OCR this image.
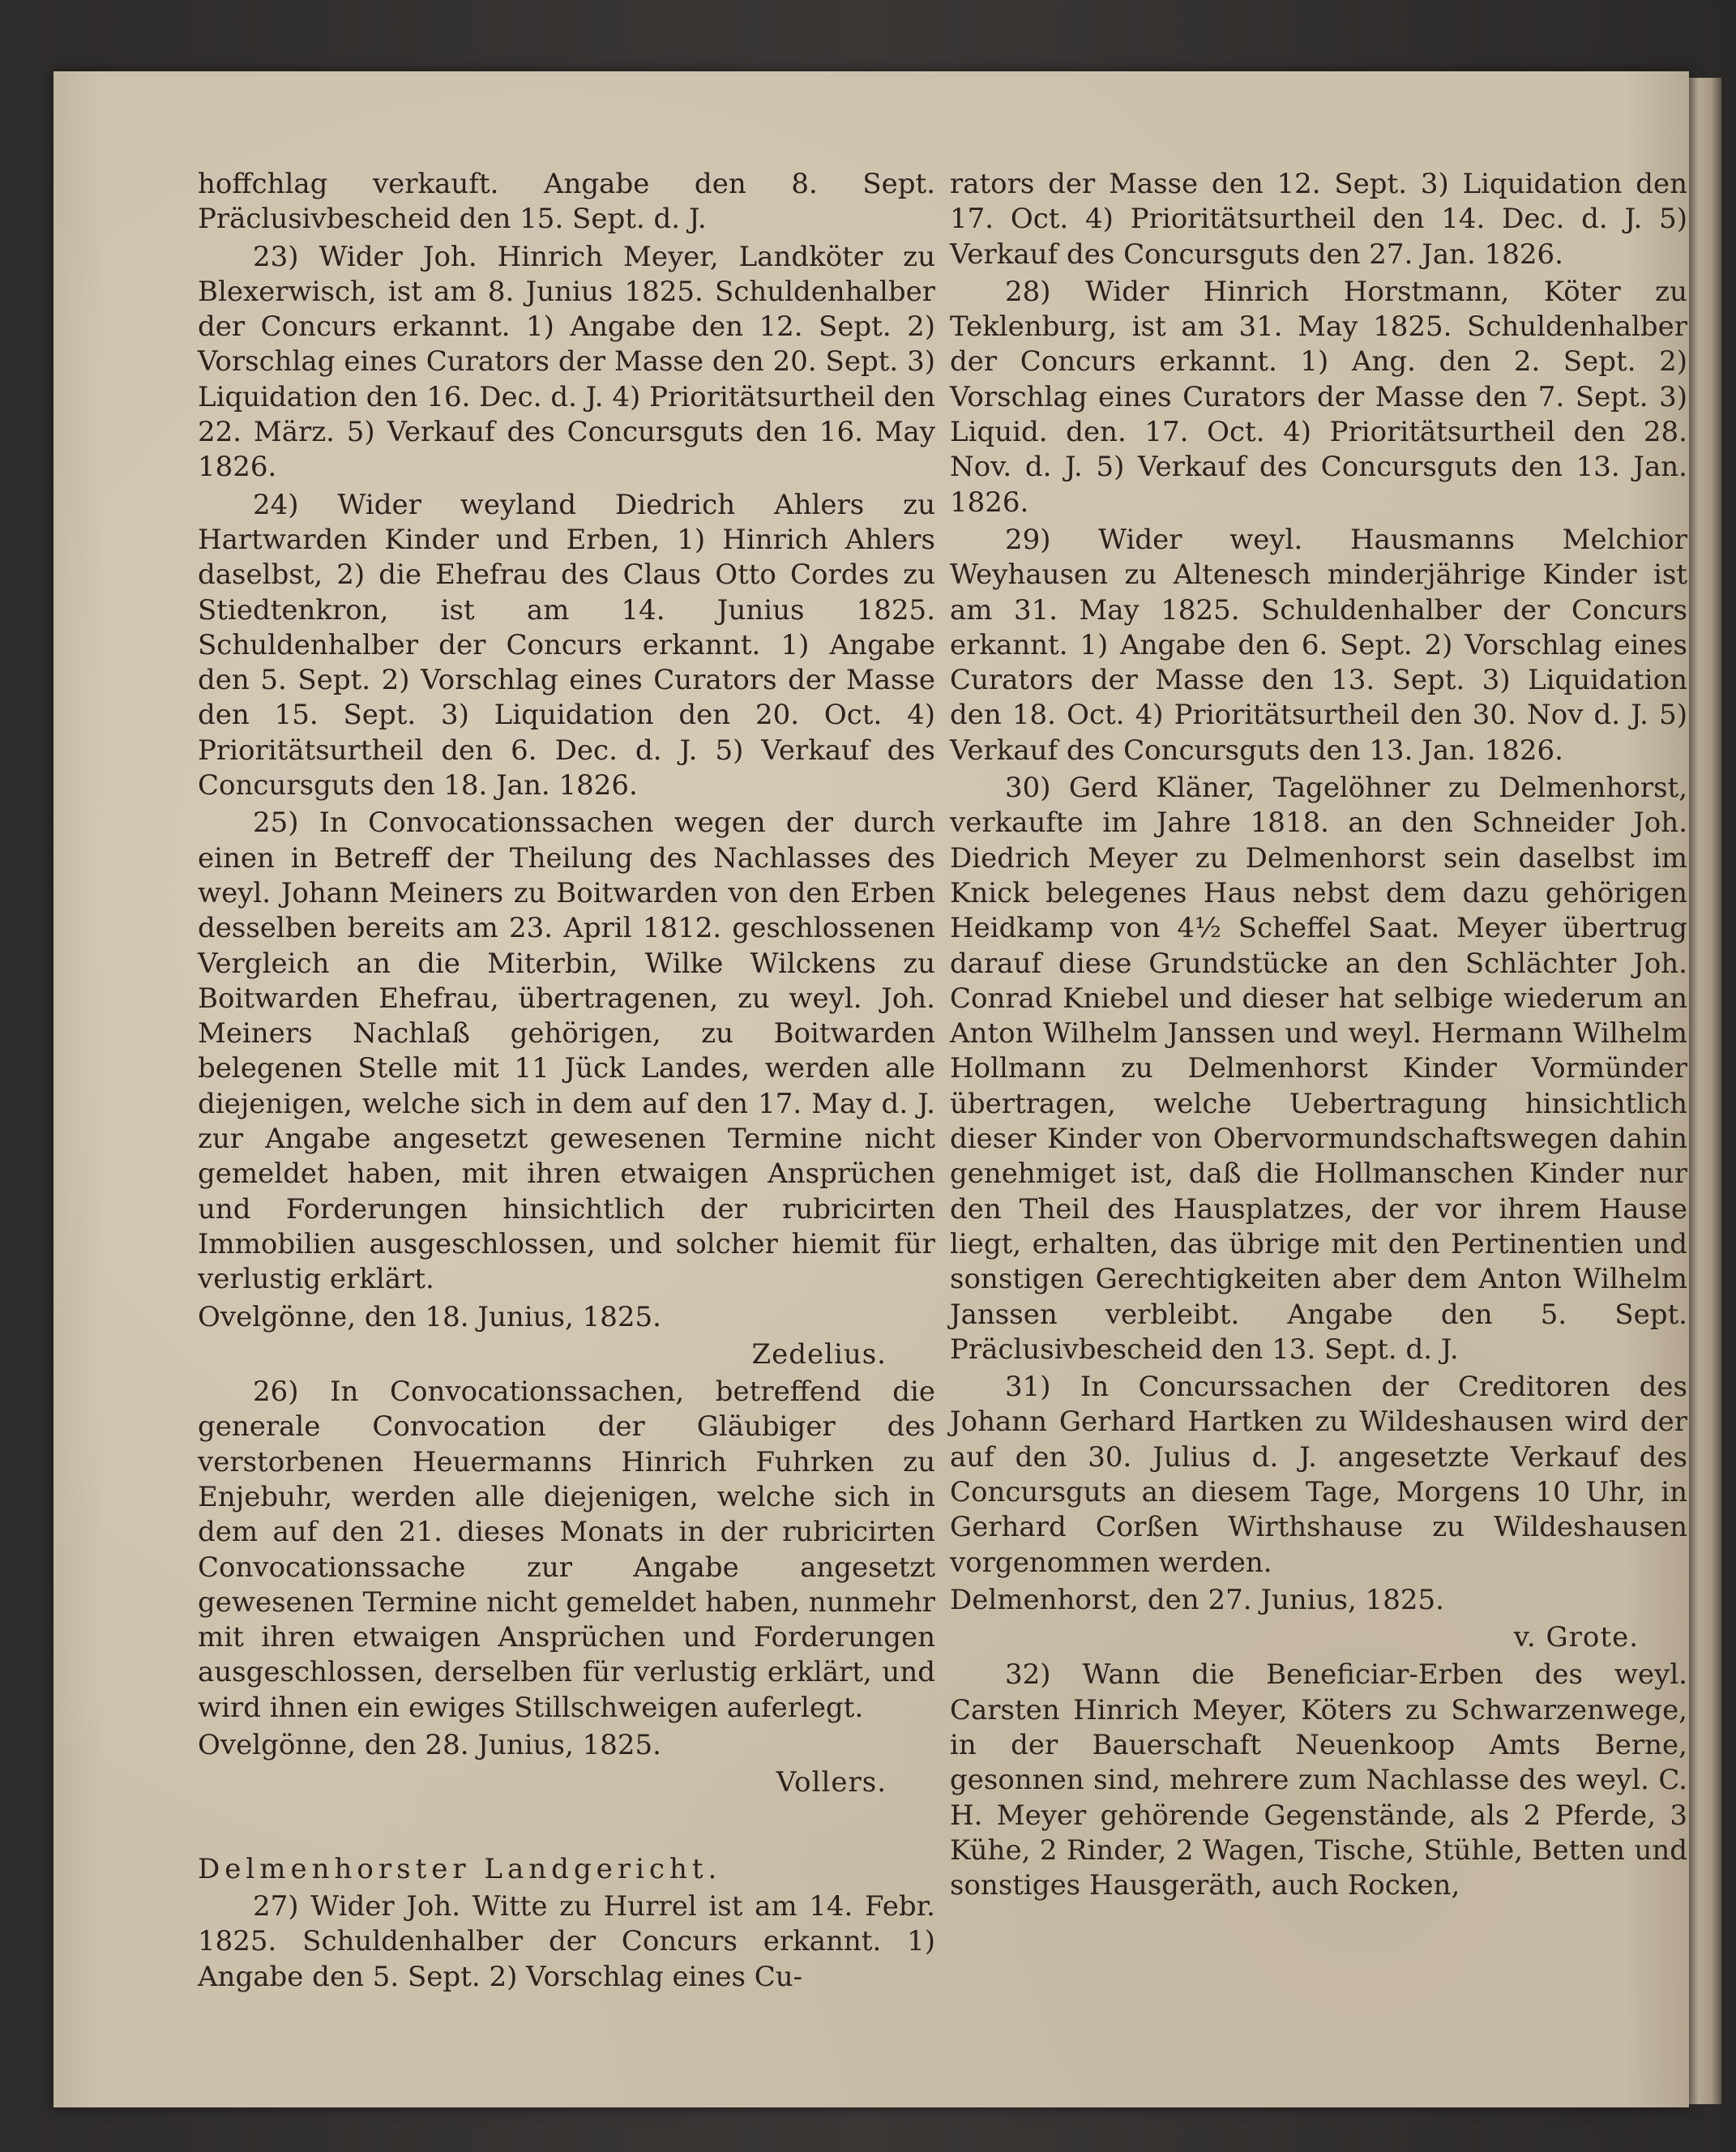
hoffchlag verkauft. Angabe den 8. Sept. Präclusivbescheid den 15. Sept. d. J.

23) Wider Joh. Hinrich Meyer, Landköter zu Blexerwisch, ist am 8. Junius 1825. Schuldenhalber der Concurs erkannt. 1) Angabe den 12. Sept. 2) Vorschlag eines Curators der Masse den 20. Sept. 3) Liquidation den 16. Dec. d. J. 4) Prioritätsurtheil den 22. März. 5) Verkauf des Concursguts den 16. May 1826.

24) Wider weyland Diedrich Ahlers zu Hartwarden Kinder und Erben, 1) Hinrich Ahlers daselbst, 2) die Ehefrau des Claus Otto Cordes zu Stiedtenkron, ist am 14. Junius 1825. Schuldenhalber der Concurs erkannt. 1) Angabe den 5. Sept. 2) Vorschlag eines Curators der Masse den 15. Sept. 3) Liquidation den 20. Oct. 4) Prioritätsurtheil den 6. Dec. d. J. 5) Verkauf des Concursguts den 18. Jan. 1826.

25) In Convocationssachen wegen der durch einen in Betreff der Theilung des Nachlasses des weyl. Johann Meiners zu Boitwarden von den Erben desselben bereits am 23. April 1812. geschlossenen Vergleich an die Miterbin, Wilke Wilckens zu Boitwarden Ehefrau, übertragenen, zu weyl. Joh. Meiners Nachlaß gehörigen, zu Boitwarden belegenen Stelle mit 11 Jück Landes, werden alle diejenigen, welche sich in dem auf den 17. May d. J. zur Angabe angesetzt gewesenen Termine nicht gemeldet haben, mit ihren etwaigen Ansprüchen und Forderungen hinsichtlich der rubricirten Immobilien ausgeschlossen, und solcher hiemit für verlustig erklärt.

Ovelgönne, den 18. Junius, 1825.

Zedelius.

26) In Convocationssachen, betreffend die generale Convocation der Gläubiger des verstorbenen Heuermanns Hinrich Fuhrken zu Enjebuhr, werden alle diejenigen, welche sich in dem auf den 21. dieses Monats in der rubricirten Convocationssache zur Angabe angesetzt gewesenen Termine nicht gemeldet haben, nunmehr mit ihren etwaigen Ansprüchen und Forderungen ausgeschlossen, derselben für verlustig erklärt, und wird ihnen ein ewiges Stillschweigen auferlegt.

Ovelgönne, den 28. Junius, 1825.

Vollers.

Delmenhorster Landgericht.

27) Wider Joh. Witte zu Hurrel ist am 14. Febr. 1825. Schuldenhalber der Concurs erkannt. 1) Angabe den 5. Sept. 2) Vorschlag eines Cu-

rators der Masse den 12. Sept. 3) Liquidation den 17. Oct. 4) Prioritätsurtheil den 14. Dec. d. J. 5) Verkauf des Concursguts den 27. Jan. 1826.

28) Wider Hinrich Horstmann, Köter zu Teklenburg, ist am 31. May 1825. Schuldenhalber der Concurs erkannt. 1) Ang. den 2. Sept. 2) Vorschlag eines Curators der Masse den 7. Sept. 3) Liquid. den. 17. Oct. 4) Prioritätsurtheil den 28. Nov. d. J. 5) Verkauf des Concursguts den 13. Jan. 1826.

29) Wider weyl. Hausmanns Melchior Weyhausen zu Altenesch minderjährige Kinder ist am 31. May 1825. Schuldenhalber der Concurs erkannt. 1) Angabe den 6. Sept. 2) Vorschlag eines Curators der Masse den 13. Sept. 3) Liquidation den 18. Oct. 4) Prioritätsurtheil den 30. Nov d. J. 5) Verkauf des Concursguts den 13. Jan. 1826.

30) Gerd Kläner, Tagelöhner zu Delmenhorst, verkaufte im Jahre 1818. an den Schneider Joh. Diedrich Meyer zu Delmenhorst sein daselbst im Knick belegenes Haus nebst dem dazu gehörigen Heidkamp von 4½ Scheffel Saat. Meyer übertrug darauf diese Grundstücke an den Schlächter Joh. Conrad Kniebel und dieser hat selbige wiederum an Anton Wilhelm Janssen und weyl. Hermann Wilhelm Hollmann zu Delmenhorst Kinder Vormünder übertragen, welche Uebertragung hinsichtlich dieser Kinder von Obervormundschaftswegen dahin genehmiget ist, daß die Hollmanschen Kinder nur den Theil des Hausplatzes, der vor ihrem Hause liegt, erhalten, das übrige mit den Pertinentien und sonstigen Gerechtigkeiten aber dem Anton Wilhelm Janssen verbleibt. Angabe den 5. Sept. Präclusivbescheid den 13. Sept. d. J.

31) In Concurssachen der Creditoren des Johann Gerhard Hartken zu Wildeshausen wird der auf den 30. Julius d. J. angesetzte Verkauf des Concursguts an diesem Tage, Morgens 10 Uhr, in Gerhard Corßen Wirthshause zu Wildeshausen vorgenommen werden.

Delmenhorst, den 27. Junius, 1825.

v. Grote.

32) Wann die Beneficiar-Erben des weyl. Carsten Hinrich Meyer, Köters zu Schwarzenwege, in der Bauerschaft Neuenkoop Amts Berne, gesonnen sind, mehrere zum Nachlasse des weyl. C. H. Meyer gehörende Gegenstände, als 2 Pferde, 3 Kühe, 2 Rinder, 2 Wagen, Tische, Stühle, Betten und sonstiges Hausgeräth, auch Rocken,
